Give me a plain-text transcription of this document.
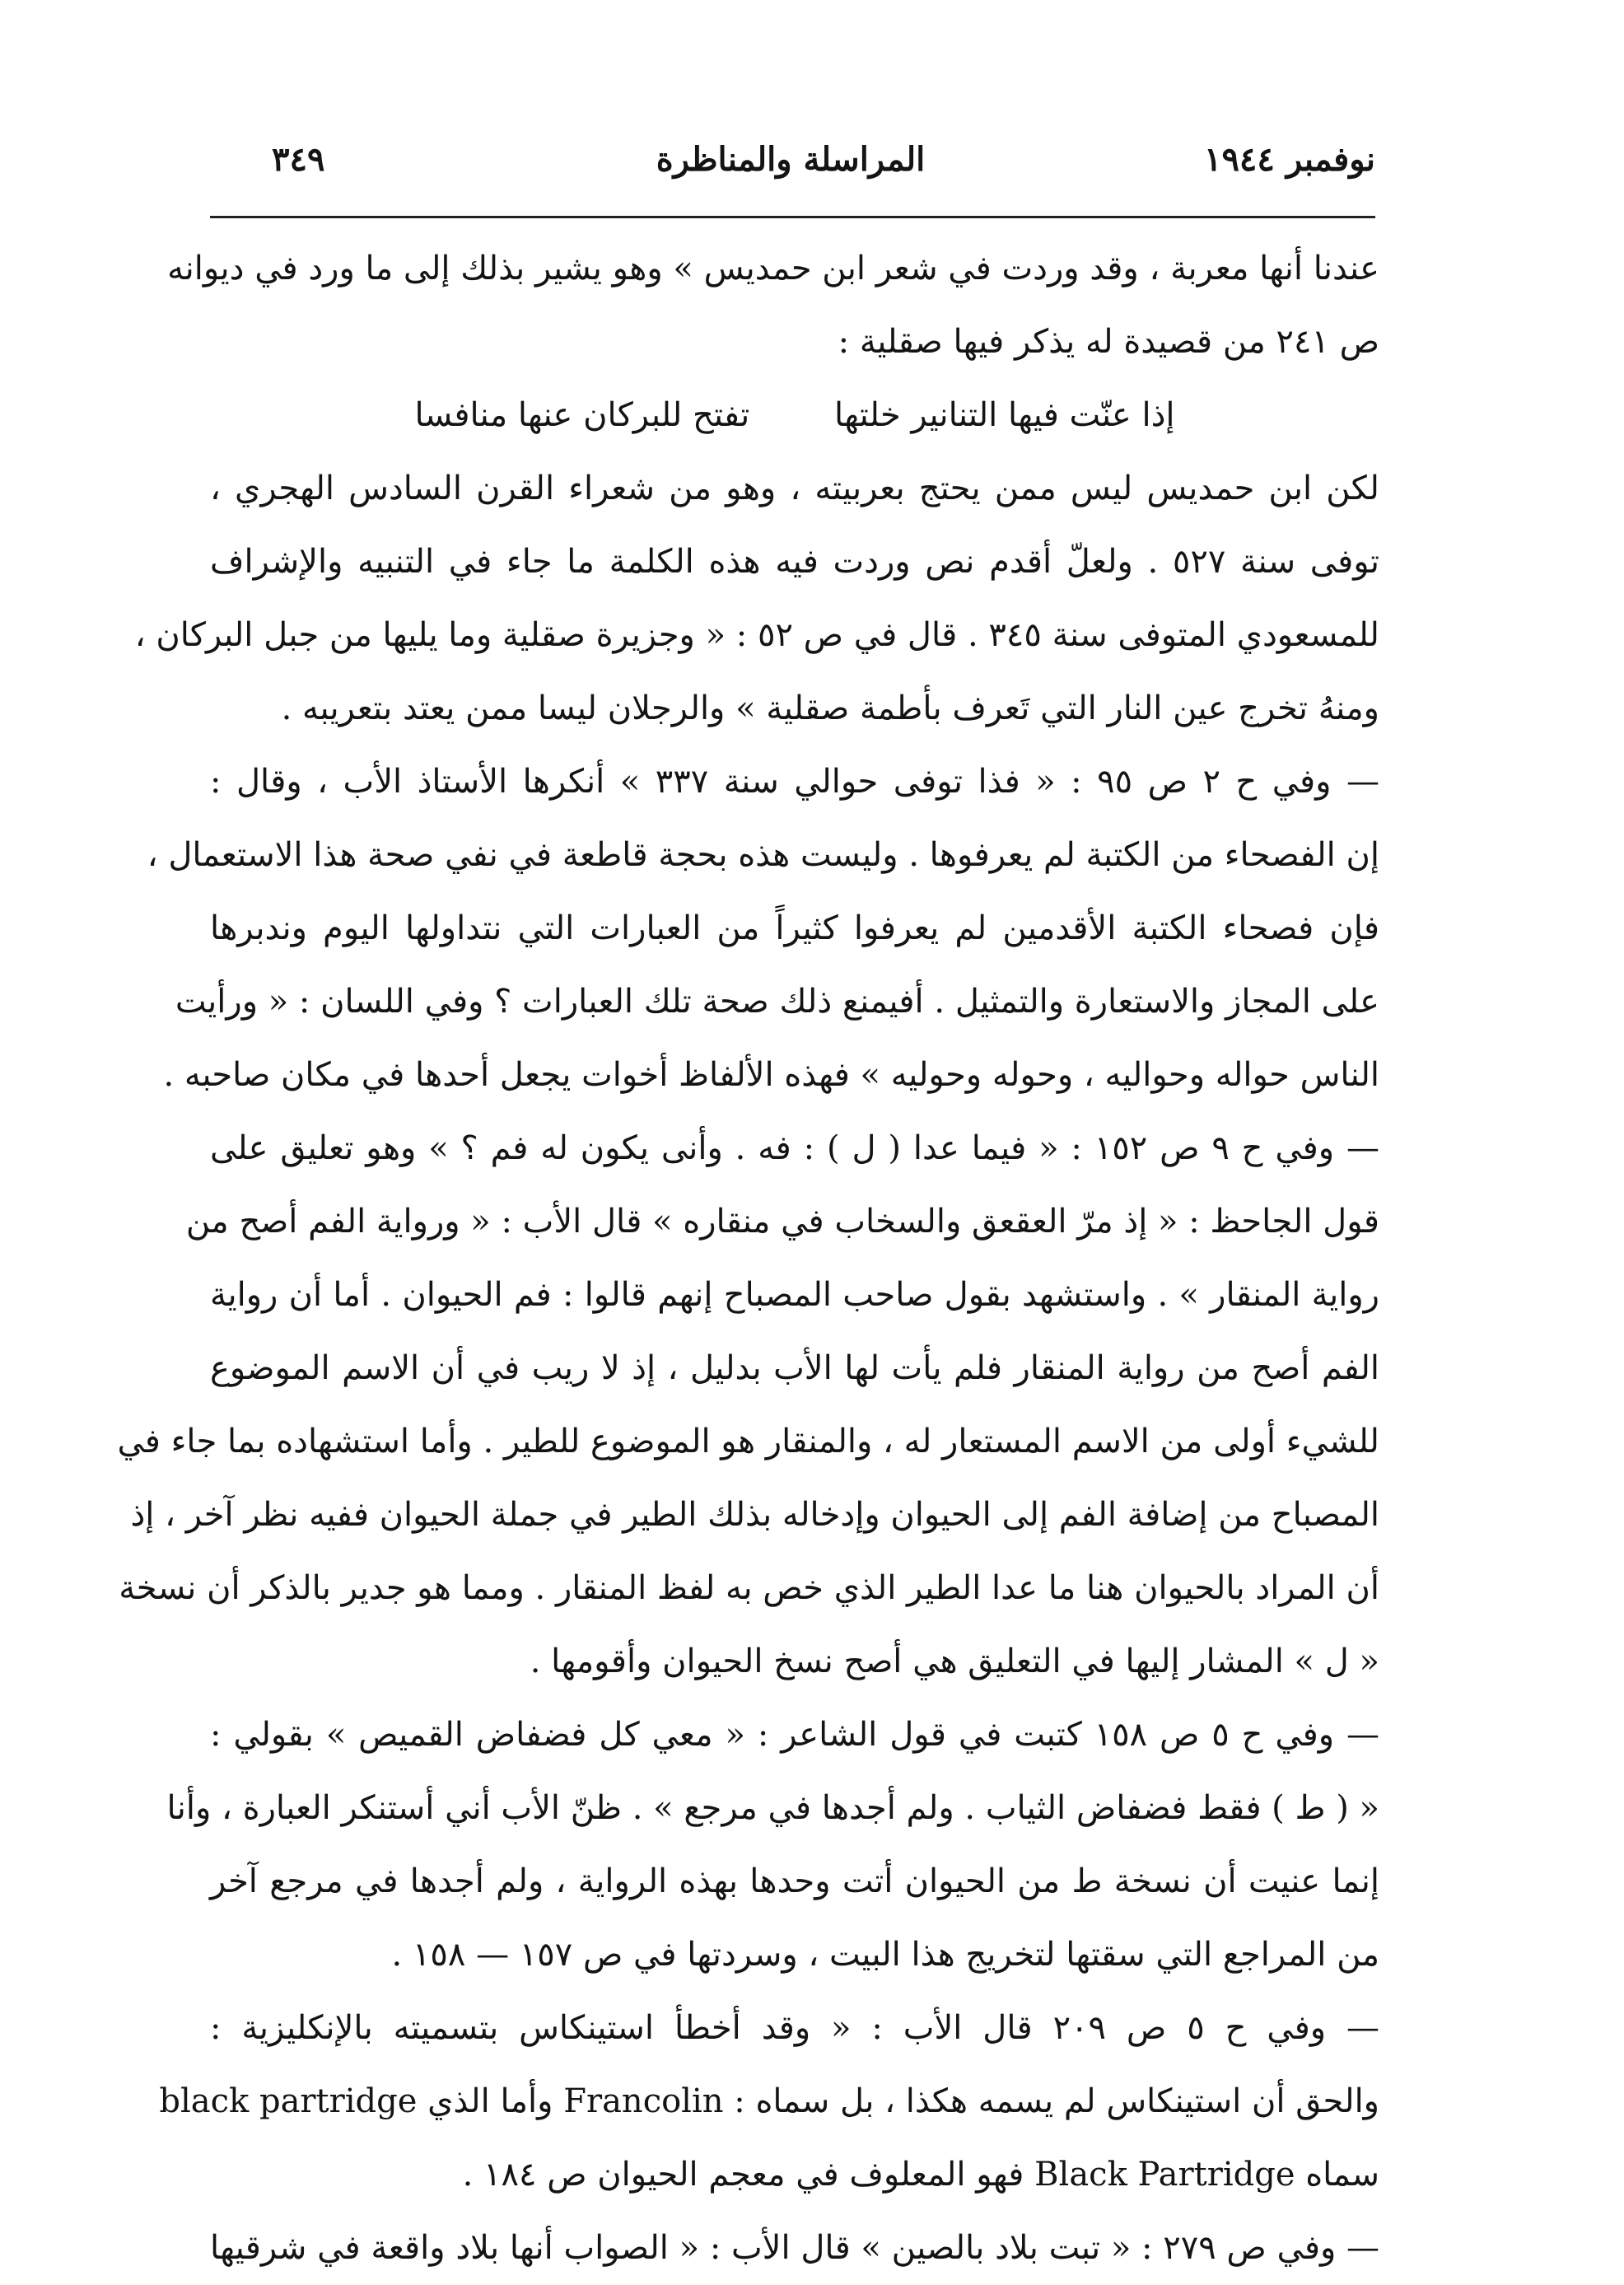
نوفمبر ١٩٤٤
المراسلة والمناظرة
٣٤٩
عندنا أنها معربة ، وقد وردت في شعر ابن حمديس » وهو يشير بذلك إلى ما ورد في ديوانه
ص ٢٤١ من قصيدة له يذكر فيها صقلية :
إذا عنّت فيها التنانير خلتها تفتح للبركان عنها منافسا
لكن ابن حمديس ليس ممن يحتج بعربيته ، وهو من شعراء القرن السادس الهجري ،
توفى سنة ٥٢٧ . ولعلّ أقدم نص وردت فيه هذه الكلمة ما جاء في التنبيه والإشراف
للمسعودي المتوفى سنة ٣٤٥ . قال في ص ٥٢ : « وجزيرة صقلية وما يليها من جبل البركان ،
ومنهُ تخرج عين النار التي تَعرف بأطمة صقلية » والرجلان ليسا ممن يعتد بتعريبه .
— وفي ح ٢ ص ٩٥ : « فذا توفى حوالي سنة ٣٣٧ » أنكرها الأستاذ الأب ، وقال :
إن الفصحاء من الكتبة لم يعرفوها . وليست هذه بحجة قاطعة في نفي صحة هذا الاستعمال ،
فإن فصحاء الكتبة الأقدمين لم يعرفوا كثيراً من العبارات التي نتداولها اليوم وندبرها
على المجاز والاستعارة والتمثيل . أفيمنع ذلك صحة تلك العبارات ؟ وفي اللسان : « ورأيت
الناس حواله وحواليه ، وحوله وحوليه » فهذه الألفاظ أخوات يجعل أحدها في مكان صاحبه .
— وفي ح ٩ ص ١٥٢ : « فيما عدا ( ل ) : فه . وأنى يكون له فم ؟ » وهو تعليق على
قول الجاحظ : « إذ مرّ العقعق والسخاب في منقاره » قال الأب : « ورواية الفم أصح من
رواية المنقار » . واستشهد بقول صاحب المصباح إنهم قالوا : فم الحيوان . أما أن رواية
الفم أصح من رواية المنقار فلم يأت لها الأب بدليل ، إذ لا ريب في أن الاسم الموضوع
للشيء أولى من الاسم المستعار له ، والمنقار هو الموضوع للطير . وأما استشهاده بما جاء في
المصباح من إضافة الفم إلى الحيوان وإدخاله بذلك الطير في جملة الحيوان ففيه نظر آخر ، إذ
أن المراد بالحيوان هنا ما عدا الطير الذي خص به لفظ المنقار . ومما هو جدير بالذكر أن نسخة
« ل » المشار إليها في التعليق هي أصح نسخ الحيوان وأقومها .
— وفي ح ٥ ص ١٥٨ كتبت في قول الشاعر : « معي كل فضفاض القميص » بقولي :
« ( ط ) فقط فضفاض الثياب . ولم أجدها في مرجع » . ظنّ الأب أني أستنكر العبارة ، وأنا
إنما عنيت أن نسخة ط من الحيوان أتت وحدها بهذه الرواية ، ولم أجدها في مرجع آخر
من المراجع التي سقتها لتخريج هذا البيت ، وسردتها في ص ١٥٧ — ١٥٨ .
— وفي ح ٥ ص ٢٠٩ قال الأب : « وقد أخطأ استينكاس بتسميته بالإنكليزية :
والحق أن استينكاس لم يسمه هكذا ، بل سماه : Francolin وأما الذي black partridge
سماه Black Partridge فهو المعلوف في معجم الحيوان ص ١٨٤ .
— وفي ص ٢٧٩ : « تبت بلاد بالصين » قال الأب : « الصواب أنها بلاد واقعة في شرقيها
